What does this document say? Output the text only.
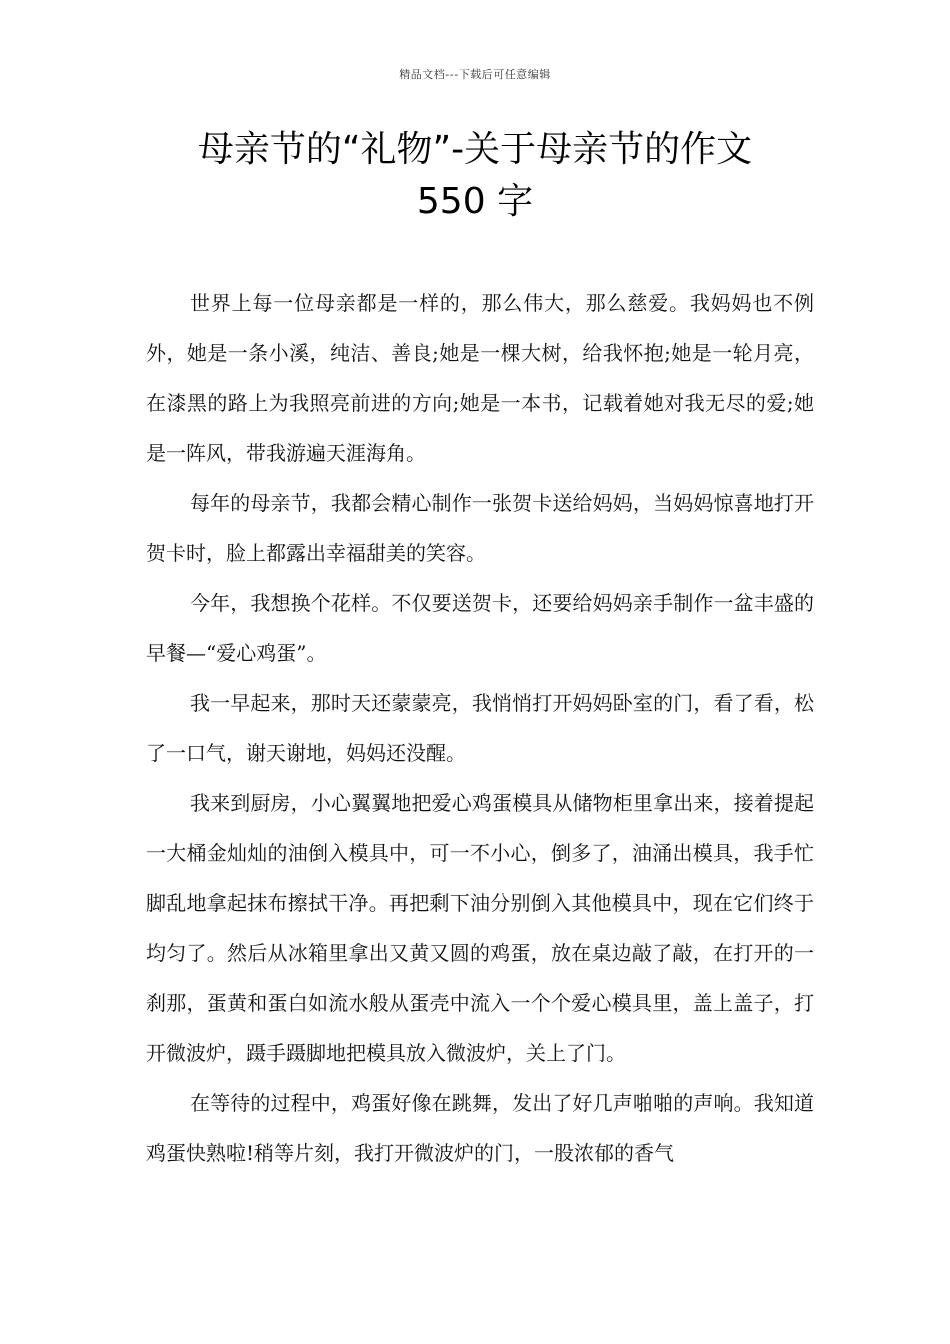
精品文档---下载后可任意编辑
母亲节的“礼物”-关于母亲节的作文
550 字

世界上每一位母亲都是一样的，那么伟大，那么慈爱。我妈妈也不例外，她是一条小溪，纯洁、善良;她是一棵大树，给我怀抱;她是一轮月亮，在漆黑的路上为我照亮前进的方向;她是一本书，记载着她对我无尽的爱;她是一阵风，带我游遍天涯海角。

每年的母亲节，我都会精心制作一张贺卡送给妈妈，当妈妈惊喜地打开贺卡时，脸上都露出幸福甜美的笑容。

今年，我想换个花样。不仅要送贺卡，还要给妈妈亲手制作一盆丰盛的早餐—“爱心鸡蛋”。

我一早起来，那时天还蒙蒙亮，我悄悄打开妈妈卧室的门，看了看，松了一口气，谢天谢地，妈妈还没醒。

我来到厨房，小心翼翼地把爱心鸡蛋模具从储物柜里拿出来，接着提起一大桶金灿灿的油倒入模具中，可一不小心，倒多了，油涌出模具，我手忙脚乱地拿起抹布擦拭干净。再把剩下油分别倒入其他模具中，现在它们终于均匀了。然后从冰箱里拿出又黄又圆的鸡蛋，放在桌边敲了敲，在打开的一刹那，蛋黄和蛋白如流水般从蛋壳中流入一个个爱心模具里，盖上盖子，打开微波炉，蹑手蹑脚地把模具放入微波炉，关上了门。

在等待的过程中，鸡蛋好像在跳舞，发出了好几声啪啪的声响。我知道鸡蛋快熟啦!稍等片刻，我打开微波炉的门，一股浓郁的香气
